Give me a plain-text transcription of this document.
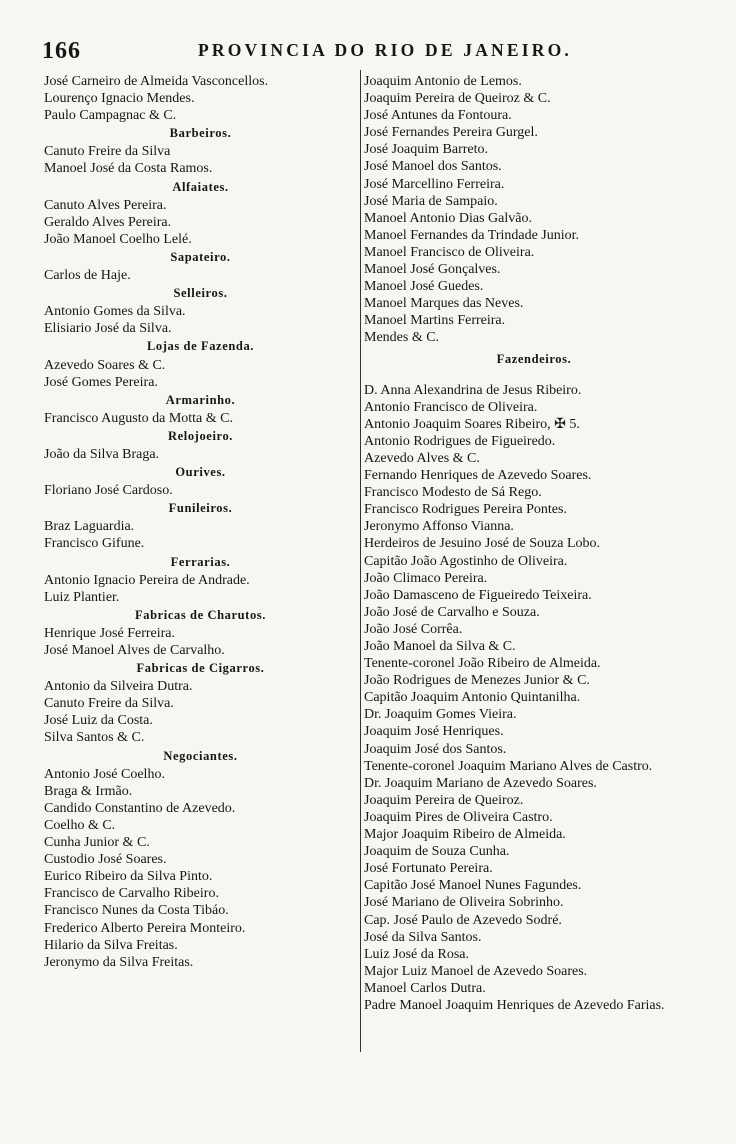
166	PROVINCIA DO RIO DE JANEIRO.
José Carneiro de Almeida Vasconcellos.
Lourenço Ignacio Mendes.
Paulo Campagnac & C.
Barbeiros.
Canuto Freire da Silva
Manoel José da Costa Ramos.
Alfaiates.
Canuto Alves Pereira.
Geraldo Alves Pereira.
João Manoel Coelho Lelé.
Sapateiro.
Carlos de Haje.
Selleiros.
Antonio Gomes da Silva.
Elisiario José da Silva.
Lojas de Fazenda.
Azevedo Soares & C.
José Gomes Pereira.
Armarinho.
Francisco Augusto da Motta & C.
Relojoeiro.
João da Silva Braga.
Ourives.
Floriano José Cardoso.
Funileiros.
Braz Laguardia.
Francisco Gifune.
Ferrarias.
Antonio Ignacio Pereira de Andrade.
Luiz Plantier.
Fabricas de Charutos.
Henrique José Ferreira.
José Manoel Alves de Carvalho.
Fabricas de Cigarros.
Antonio da Silveira Dutra.
Canuto Freire da Silva.
José Luiz da Costa.
Silva Santos & C.
Negociantes.
Antonio José Coelho.
Braga & Irmão.
Candido Constantino de Azevedo.
Coelho & C.
Cunha Junior & C.
Custodio José Soares.
Eurico Ribeiro da Silva Pinto.
Francisco de Carvalho Ribeiro.
Francisco Nunes da Costa Tibáo.
Frederico Alberto Pereira Monteiro.
Hilario da Silva Freitas.
Jeronymo da Silva Freitas.
Joaquim Antonio de Lemos.
Joaquim Pereira de Queiroz & C.
José Antunes da Fontoura.
José Fernandes Pereira Gurgel.
José Joaquim Barreto.
José Manoel dos Santos.
José Marcellino Ferreira.
José Maria de Sampaio.
Manoel Antonio Dias Galvão.
Manoel Fernandes da Trindade Junior.
Manoel Francisco de Oliveira.
Manoel José Gonçalves.
Manoel José Guedes.
Manoel Marques das Neves.
Manoel Martins Ferreira.
Mendes & C.
Fazendeiros.
D. Anna Alexandrina de Jesus Ribeiro.
Antonio Francisco de Oliveira.
Antonio Joaquim Soares Ribeiro, ✠ 5.
Antonio Rodrigues de Figueiredo.
Azevedo Alves & C.
Fernando Henriques de Azevedo Soares.
Francisco Modesto de Sá Rego.
Francisco Rodrigues Pereira Pontes.
Jeronymo Affonso Vianna.
Herdeiros de Jesuino José de Souza Lobo.
Capitão João Agostinho de Oliveira.
João Climaco Pereira.
João Damasceno de Figueiredo Teixeira.
João José de Carvalho e Souza.
João José Corrêa.
João Manoel da Silva & C.
Tenente-coronel João Ribeiro de Almeida.
João Rodrigues de Menezes Junior & C.
Capitão Joaquim Antonio Quintanilha.
Dr. Joaquim Gomes Vieira.
Joaquim José Henriques.
Joaquim José dos Santos.
Tenente-coronel Joaquim Mariano Alves de Castro.
Dr. Joaquim Mariano de Azevedo Soares.
Joaquim Pereira de Queiroz.
Joaquim Pires de Oliveira Castro.
Major Joaquim Ribeiro de Almeida.
Joaquim de Souza Cunha.
José Fortunato Pereira.
Capitão José Manoel Nunes Fagundes.
José Mariano de Oliveira Sobrinho.
Cap. José Paulo de Azevedo Sodré.
José da Silva Santos.
Luiz José da Rosa.
Major Luiz Manoel de Azevedo Soares.
Manoel Carlos Dutra.
Padre Manoel Joaquim Henriques de Azevedo Farias.
